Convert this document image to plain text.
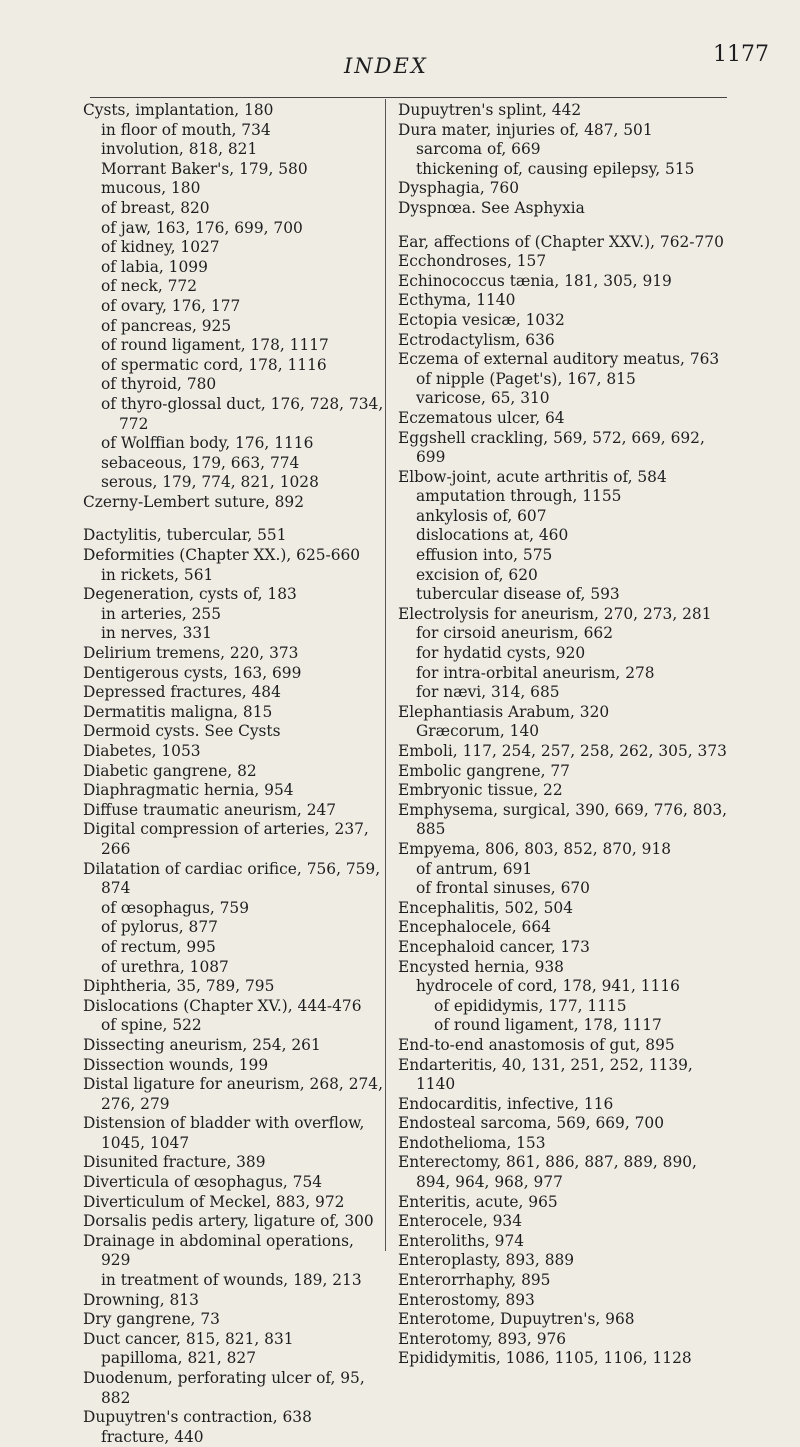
INDEX	1177
Cysts, implantation, 180
in floor of mouth, 734
involution, 818, 821
Morrant Baker's, 179, 580
mucous, 180
of breast, 820
of jaw, 163, 176, 699, 700
of kidney, 1027
of labia, 1099
of neck, 772
of ovary, 176, 177
of pancreas, 925
of round ligament, 178, 1117
of spermatic cord, 178, 1116
of thyroid, 780
of thyro-glossal duct, 176, 728, 734, 772
of Wolffian body, 176, 1116
sebaceous, 179, 663, 774
serous, 179, 774, 821, 1028
Czerny-Lembert suture, 892
Dactylitis, tubercular, 551
Deformities (Chapter XX.), 625-660
in rickets, 561
Degeneration, cysts of, 183
in arteries, 255
in nerves, 331
Delirium tremens, 220, 373
Dentigerous cysts, 163, 699
Depressed fractures, 484
Dermatitis maligna, 815
Dermoid cysts. See Cysts
Diabetes, 1053
Diabetic gangrene, 82
Diaphragmatic hernia, 954
Diffuse traumatic aneurism, 247
Digital compression of arteries, 237, 266
Dilatation of cardiac orifice, 756, 759, 874
of œsophagus, 759
of pylorus, 877
of rectum, 995
of urethra, 1087
Diphtheria, 35, 789, 795
Dislocations (Chapter XV.), 444-476
of spine, 522
Dissecting aneurism, 254, 261
Dissection wounds, 199
Distal ligature for aneurism, 268, 274, 276, 279
Distension of bladder with overflow, 1045, 1047
Disunited fracture, 389
Diverticula of œsophagus, 754
Diverticulum of Meckel, 883, 972
Dorsalis pedis artery, ligature of, 300
Drainage in abdominal operations, 929
in treatment of wounds, 189, 213
Drowning, 813
Dry gangrene, 73
Duct cancer, 815, 821, 831
papilloma, 821, 827
Duodenum, perforating ulcer of, 95, 882
Dupuytren's contraction, 638
fracture, 440
Dupuytren's splint, 442
Dura mater, injuries of, 487, 501
sarcoma of, 669
thickening of, causing epilepsy, 515
Dysphagia, 760
Dyspnœa. See Asphyxia
Ear, affections of (Chapter XXV.), 762-770
Ecchondroses, 157
Echinococcus tænia, 181, 305, 919
Ecthyma, 1140
Ectopia vesicæ, 1032
Ectrodactylism, 636
Eczema of external auditory meatus, 763
of nipple (Paget's), 167, 815
varicose, 65, 310
Eczematous ulcer, 64
Eggshell crackling, 569, 572, 669, 692, 699
Elbow-joint, acute arthritis of, 584
amputation through, 1155
ankylosis of, 607
dislocations at, 460
effusion into, 575
excision of, 620
tubercular disease of, 593
Electrolysis for aneurism, 270, 273, 281
for cirsoid aneurism, 662
for hydatid cysts, 920
for intra-orbital aneurism, 278
for nævi, 314, 685
Elephantiasis Arabum, 320
Græcorum, 140
Emboli, 117, 254, 257, 258, 262, 305, 373
Embolic gangrene, 77
Embryonic tissue, 22
Emphysema, surgical, 390, 669, 776, 803, 885
Empyema, 806, 803, 852, 870, 918
of antrum, 691
of frontal sinuses, 670
Encephalitis, 502, 504
Encephalocele, 664
Encephaloid cancer, 173
Encysted hernia, 938
hydrocele of cord, 178, 941, 1116
of epididymis, 177, 1115
of round ligament, 178, 1117
End-to-end anastomosis of gut, 895
Endarteritis, 40, 131, 251, 252, 1139, 1140
Endocarditis, infective, 116
Endosteal sarcoma, 569, 669, 700
Endothelioma, 153
Enterectomy, 861, 886, 887, 889, 890, 894, 964, 968, 977
Enteritis, acute, 965
Enterocele, 934
Enteroliths, 974
Enteroplasty, 893, 889
Enterorrhaphy, 895
Enterostomy, 893
Enterotome, Dupuytren's, 968
Enterotomy, 893, 976
Epididymitis, 1086, 1105, 1106, 1128
